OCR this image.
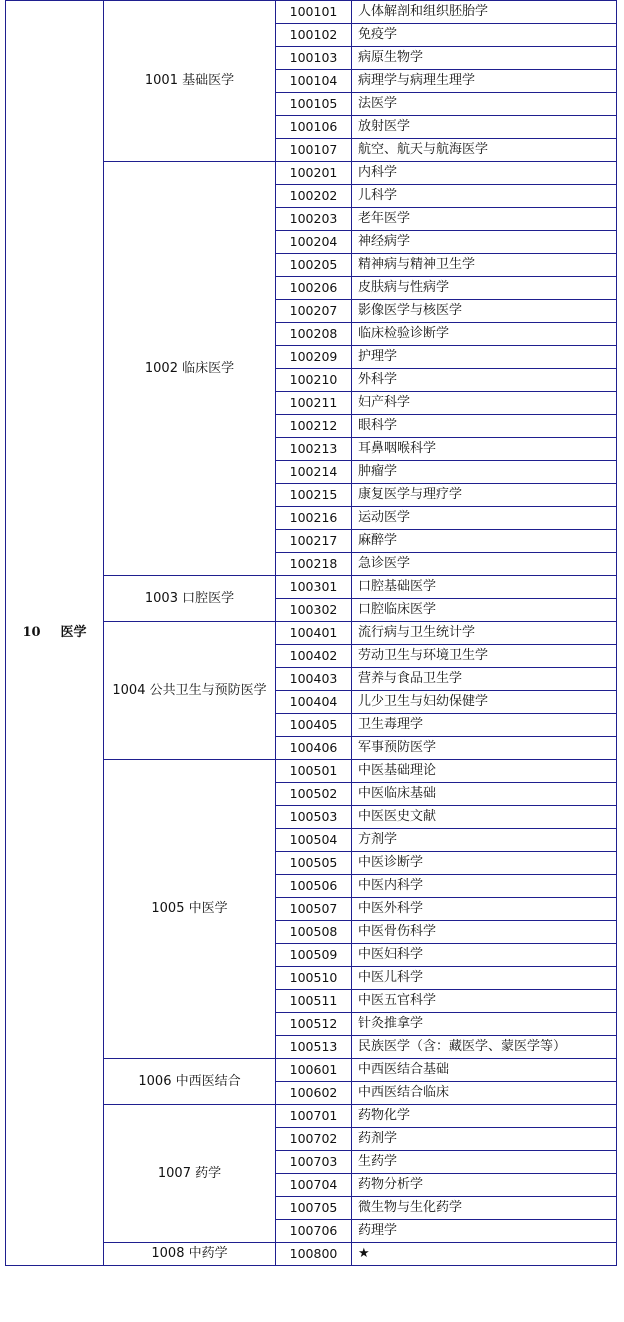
10 医学	1001 基础医学	100101	人体解剖和组织胚胎学
		100102	免疫学
		100103	病原生物学
		100104	病理学与病理生理学
		100105	法医学
		100106	放射医学
		100107	航空、航天与航海医学
	1002 临床医学	100201	内科学
		100202	儿科学
		100203	老年医学
		100204	神经病学
		100205	精神病与精神卫生学
		100206	皮肤病与性病学
		100207	影像医学与核医学
		100208	临床检验诊断学
		100209	护理学
		100210	外科学
		100211	妇产科学
		100212	眼科学
		100213	耳鼻咽喉科学
		100214	肿瘤学
		100215	康复医学与理疗学
		100216	运动医学
		100217	麻醉学
		100218	急诊医学
	1003 口腔医学	100301	口腔基础医学
		100302	口腔临床医学
	1004 公共卫生与预防医学	100401	流行病与卫生统计学
		100402	劳动卫生与环境卫生学
		100403	营养与食品卫生学
		100404	儿少卫生与妇幼保健学
		100405	卫生毒理学
		100406	军事预防医学
	1005 中医学	100501	中医基础理论
		100502	中医临床基础
		100503	中医医史文献
		100504	方剂学
		100505	中医诊断学
		100506	中医内科学
		100507	中医外科学
		100508	中医骨伤科学
		100509	中医妇科学
		100510	中医儿科学
		100511	中医五官科学
		100512	针灸推拿学
		100513	民族医学（含：藏医学、蒙医学等）
	1006 中西医结合	100601	中西医结合基础
		100602	中西医结合临床
	1007 药学	100701	药物化学
		100702	药剂学
		100703	生药学
		100704	药物分析学
		100705	微生物与生化药学
		100706	药理学
	1008 中药学	100800	★
